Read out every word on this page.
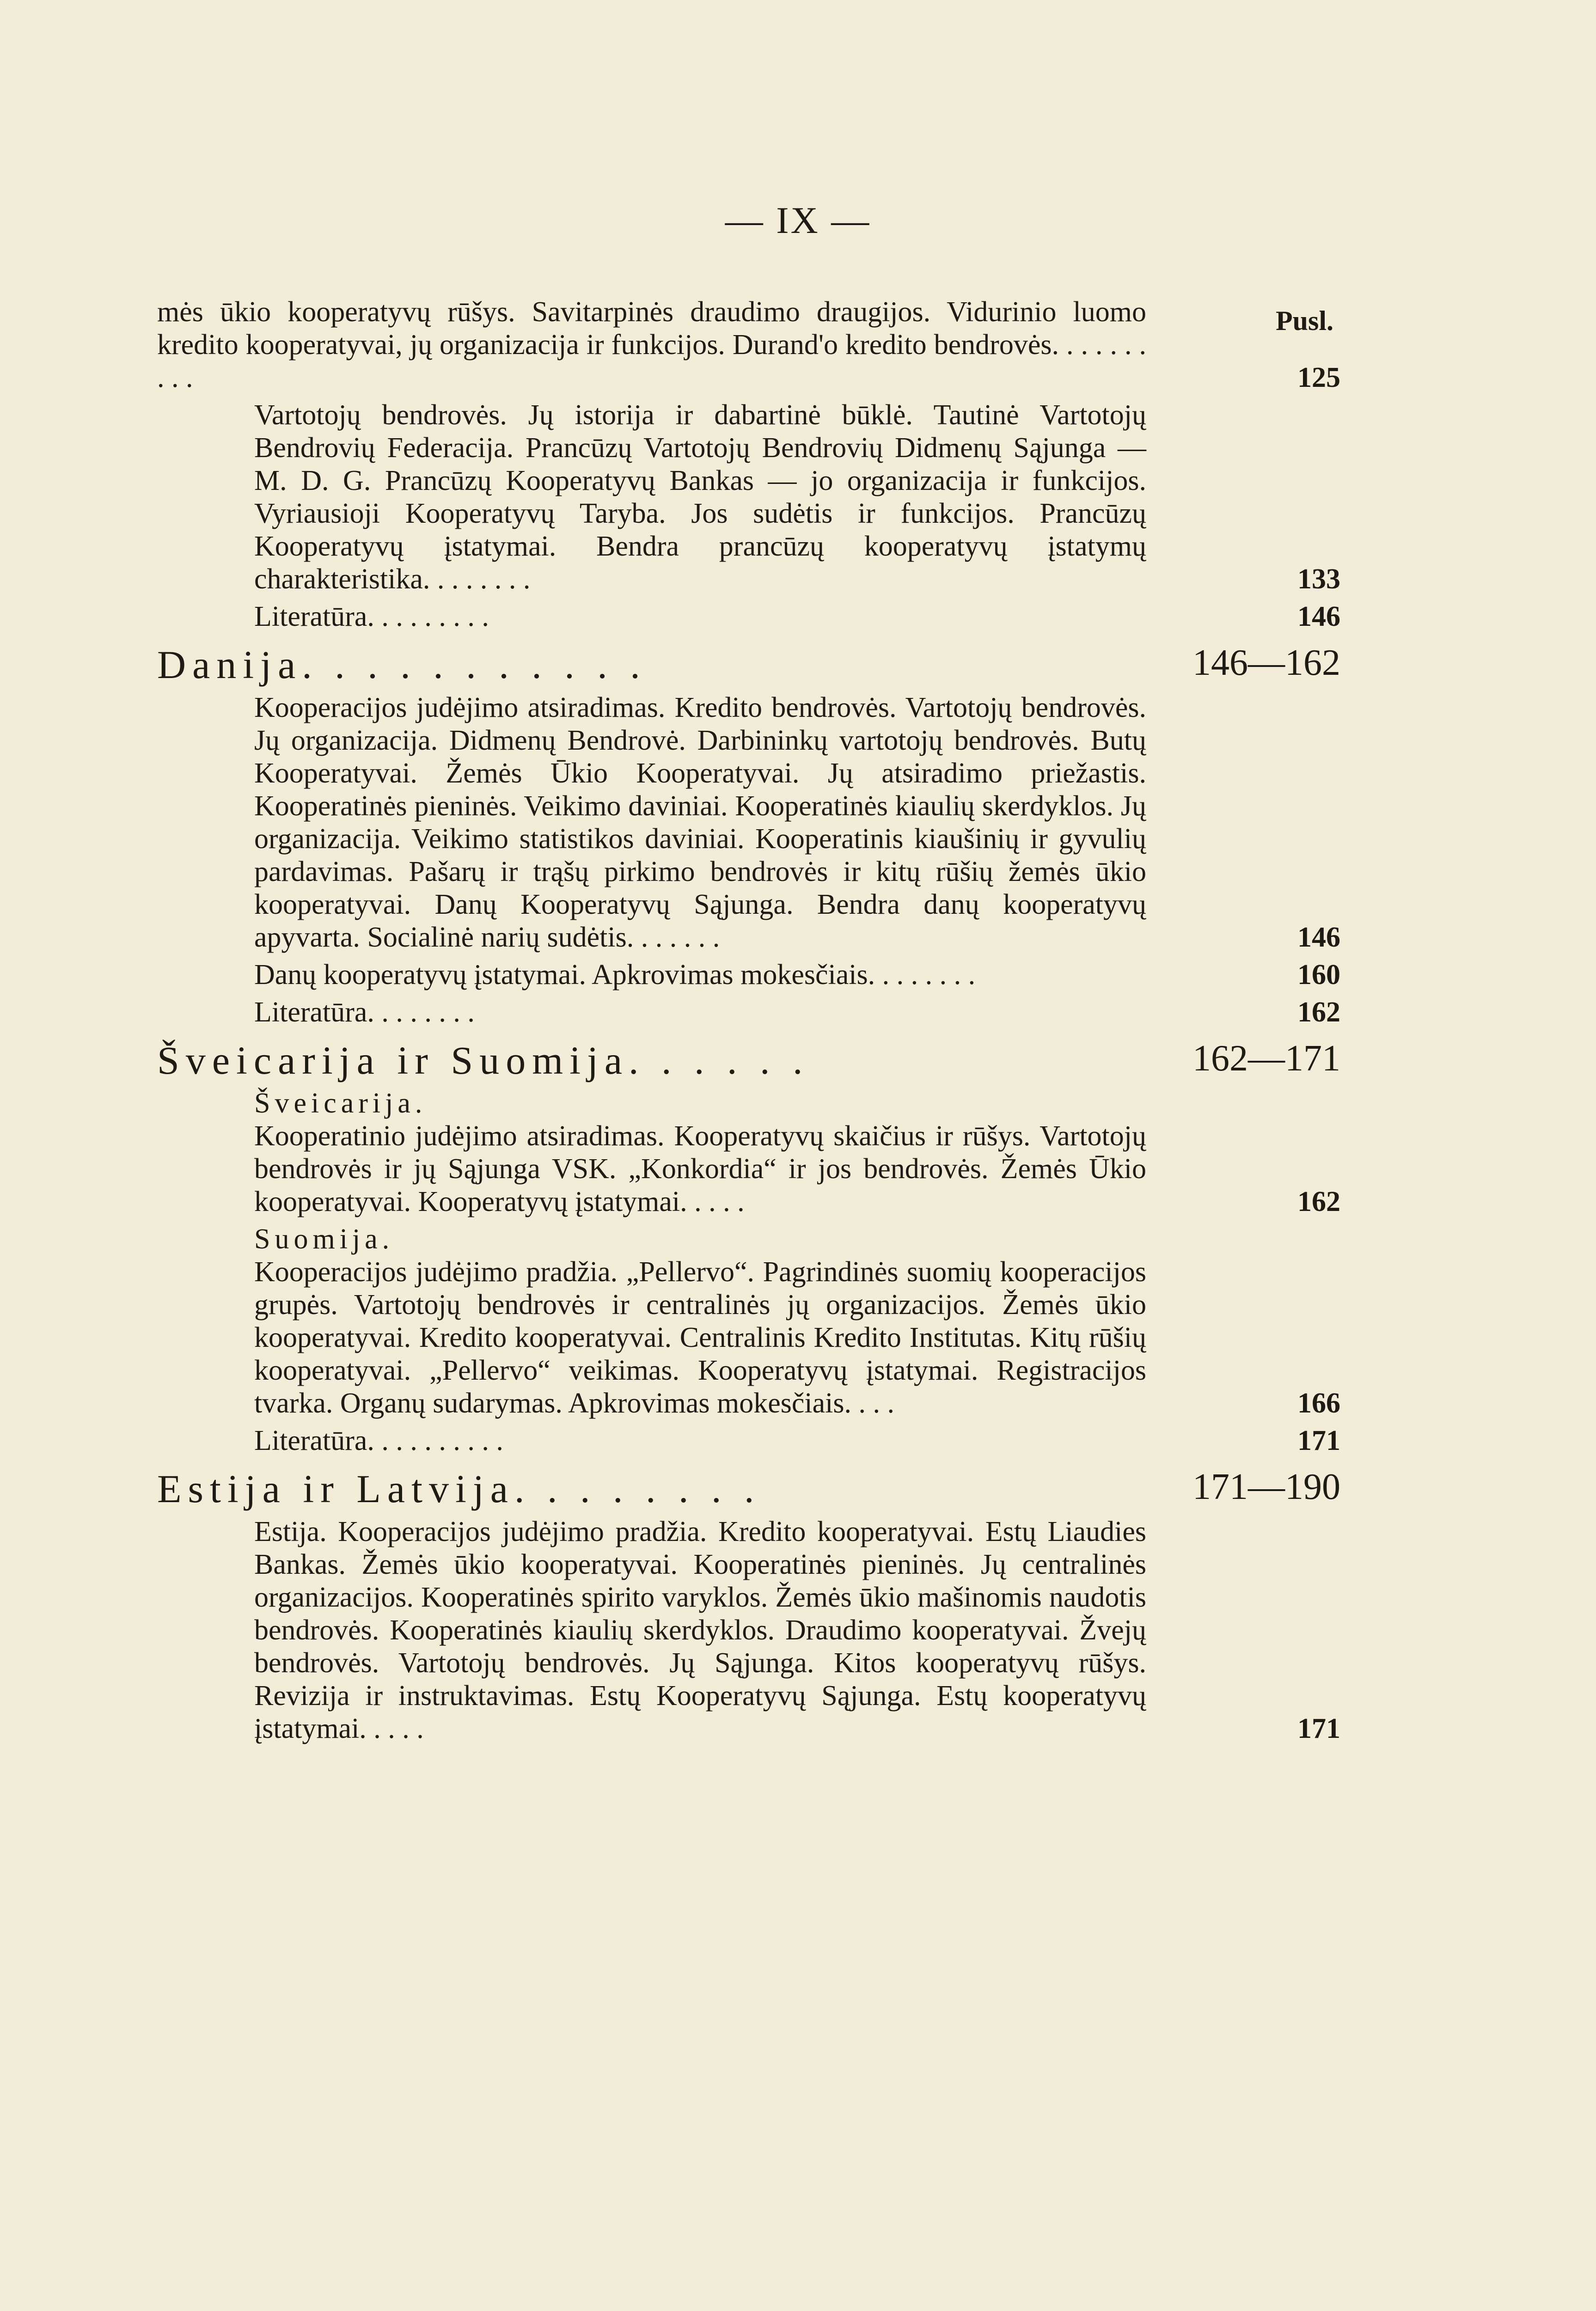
— IX —
Pusl.
mės ūkio kooperatyvų rūšys. Savitarpinės draudimo draugijos. Vidurinio luomo kredito kooperatyvai, jų organizacija ir funkcijos. Durand'o kredito bendrovės. . . . . . . . . .	125
Vartotojų bendrovės. Jų istorija ir dabartinė būklė. Tautinė Vartotojų Bendrovių Federacija. Prancūzų Vartotojų Bendrovių Didmenų Sąjunga — M. D. G. Prancūzų Kooperatyvų Bankas — jo organizacija ir funkcijos. Vyriausioji Kooperatyvų Taryba. Jos sudėtis ir funkcijos. Prancūzų Kooperatyvų įstatymai. Bendra prancūzų kooperatyvų įstatymų charakteristika. . . . . . . .	133
Literatūra. . . . . . . . .	146
Danija. . . . . . . . . . .	146—162
Kooperacijos judėjimo atsiradimas. Kredito bendrovės. Vartotojų bendrovės. Jų organizacija. Didmenų Bendrovė. Darbininkų vartotojų bendrovės. Butų Kooperatyvai. Žemės Ūkio Kooperatyvai. Jų atsiradimo priežastis. Kooperatinės pieninės. Veikimo daviniai. Kooperatinės kiaulių skerdyklos. Jų organizacija. Veikimo statistikos daviniai. Kooperatinis kiaušinių ir gyvulių pardavimas. Pašarų ir trąšų pirkimo bendrovės ir kitų rūšių žemės ūkio kooperatyvai. Danų Kooperatyvų Sąjunga. Bendra danų kooperatyvų apyvarta. Socialinė narių sudėtis. . . . . . .	146
Danų kooperatyvų įstatymai. Apkrovimas mokesčiais. . . . . . . .	160
Literatūra. . . . . . . .	162
Šveicarija ir Suomija. . . . . .	162—171
Šveicarija.
Kooperatinio judėjimo atsiradimas. Kooperatyvų skaičius ir rūšys. Vartotojų bendrovės ir jų Sąjunga VSK. „Konkordia“ ir jos bendrovės. Žemės Ūkio kooperatyvai. Kooperatyvų įstatymai. . . . .	162
Suomija.
Kooperacijos judėjimo pradžia. „Pellervo“. Pagrindinės suomių kooperacijos grupės. Vartotojų bendrovės ir centralinės jų organizacijos. Žemės ūkio kooperatyvai. Kredito kooperatyvai. Centralinis Kredito Institutas. Kitų rūšių kooperatyvai. „Pellervo“ veikimas. Kooperatyvų įstatymai. Registracijos tvarka. Organų sudarymas. Apkrovimas mokesčiais. . . .	166
Literatūra. . . . . . . . . .	171
Estija ir Latvija. . . . . . . .	171—190
Estija. Kooperacijos judėjimo pradžia. Kredito kooperatyvai. Estų Liaudies Bankas. Žemės ūkio kooperatyvai. Kooperatinės pieninės. Jų centralinės organizacijos. Kooperatinės spirito varyklos. Žemės ūkio mašinomis naudotis bendrovės. Kooperatinės kiaulių skerdyklos. Draudimo kooperatyvai. Žvejų bendrovės. Vartotojų bendrovės. Jų Sąjunga. Kitos kooperatyvų rūšys. Revizija ir instruktavimas. Estų Kooperatyvų Sąjunga. Estų kooperatyvų įstatymai. . . . .	171
